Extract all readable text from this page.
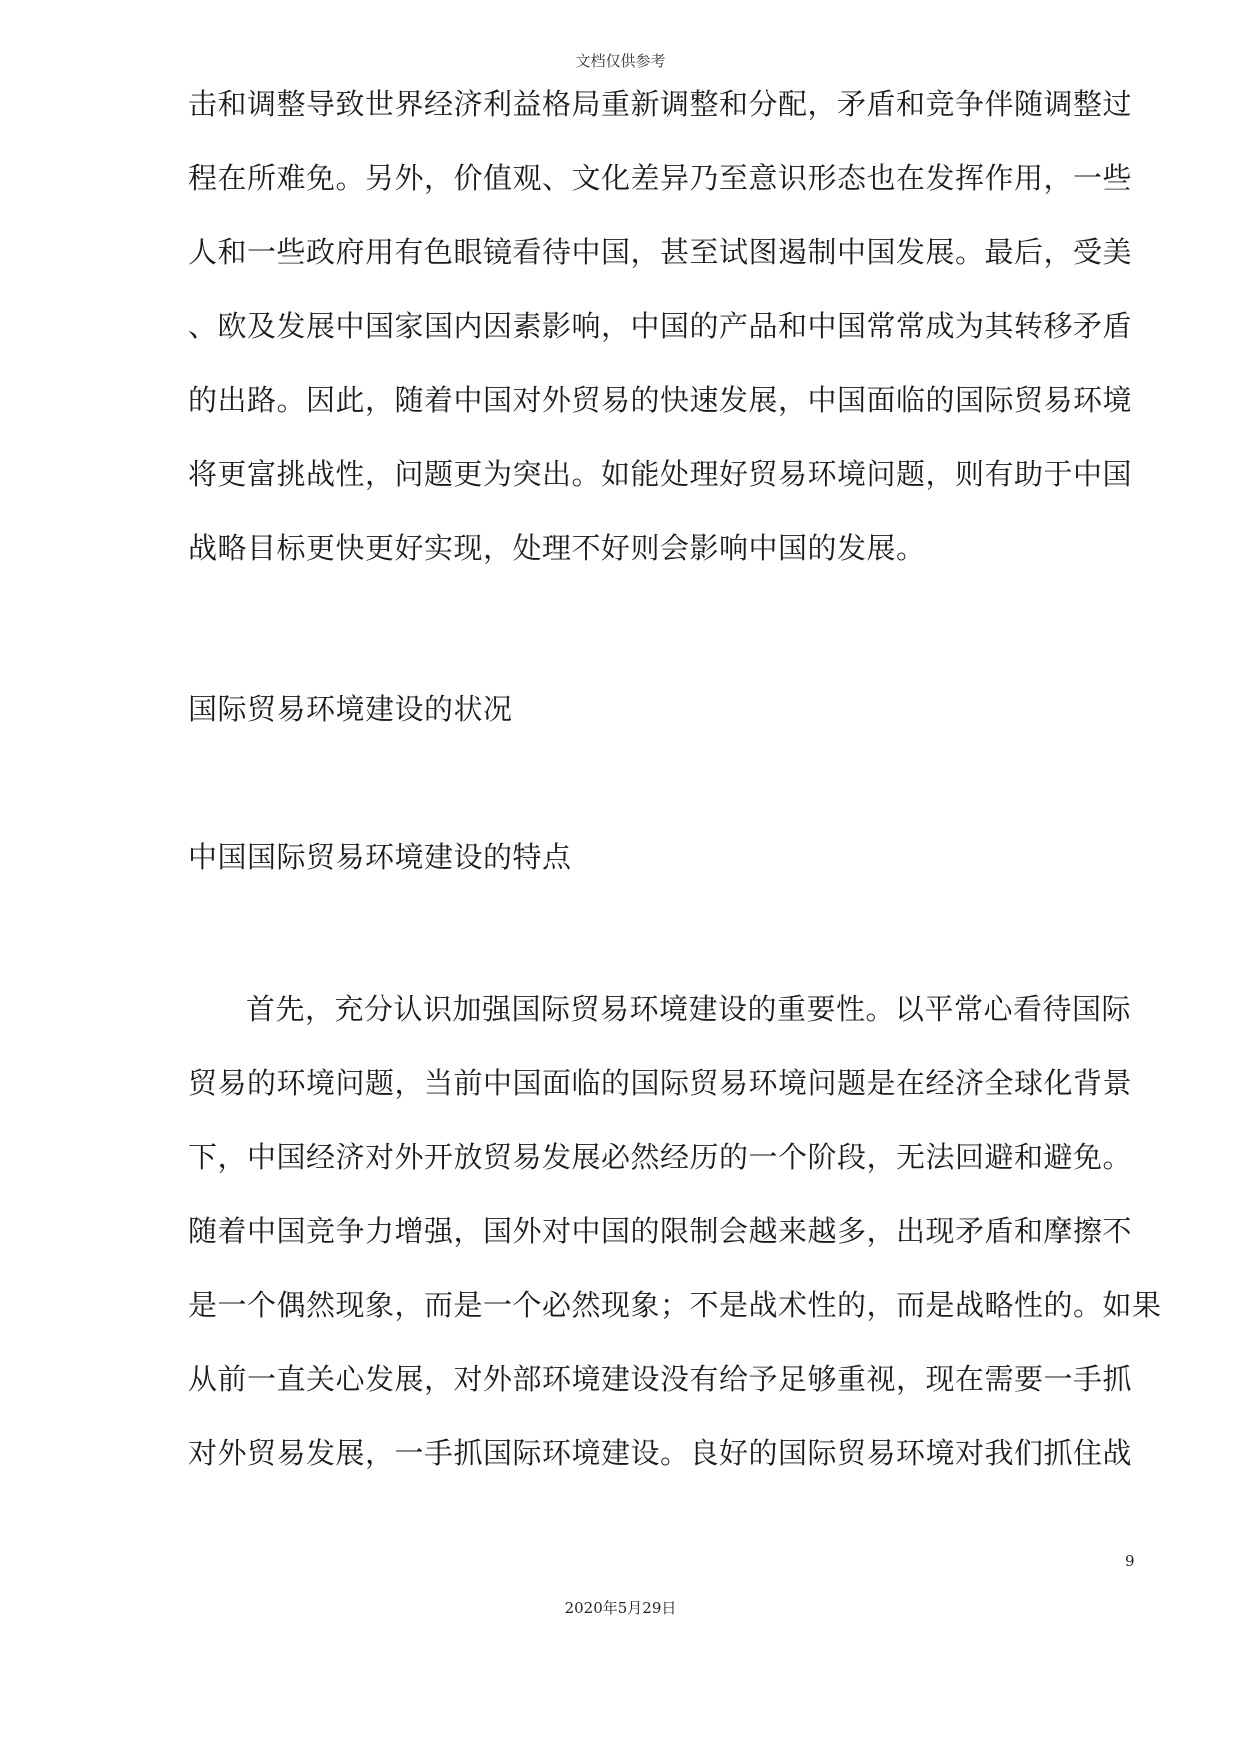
文档仅供参考
击和调整导致世界经济利益格局重新调整和分配，矛盾和竞争伴随调整过
程在所难免。另外，价值观、文化差异乃至意识形态也在发挥作用，一些
人和一些政府用有色眼镜看待中国，甚至试图遏制中国发展。最后，受美
、欧及发展中国家国内因素影响，中国的产品和中国常常成为其转移矛盾
的出路。因此，随着中国对外贸易的快速发展，中国面临的国际贸易环境
将更富挑战性，问题更为突出。如能处理好贸易环境问题，则有助于中国
战略目标更快更好实现，处理不好则会影响中国的发展。
国际贸易环境建设的状况
中国国际贸易环境建设的特点
首先，充分认识加强国际贸易环境建设的重要性。以平常心看待国际
贸易的环境问题，当前中国面临的国际贸易环境问题是在经济全球化背景
下，中国经济对外开放贸易发展必然经历的一个阶段，无法回避和避免。
随着中国竞争力增强，国外对中国的限制会越来越多，出现矛盾和摩擦不
是一个偶然现象，而是一个必然现象；不是战术性的，而是战略性的。如果
从前一直关心发展，对外部环境建设没有给予足够重视，现在需要一手抓
对外贸易发展，一手抓国际环境建设。良好的国际贸易环境对我们抓住战
9
2020年5月29日
